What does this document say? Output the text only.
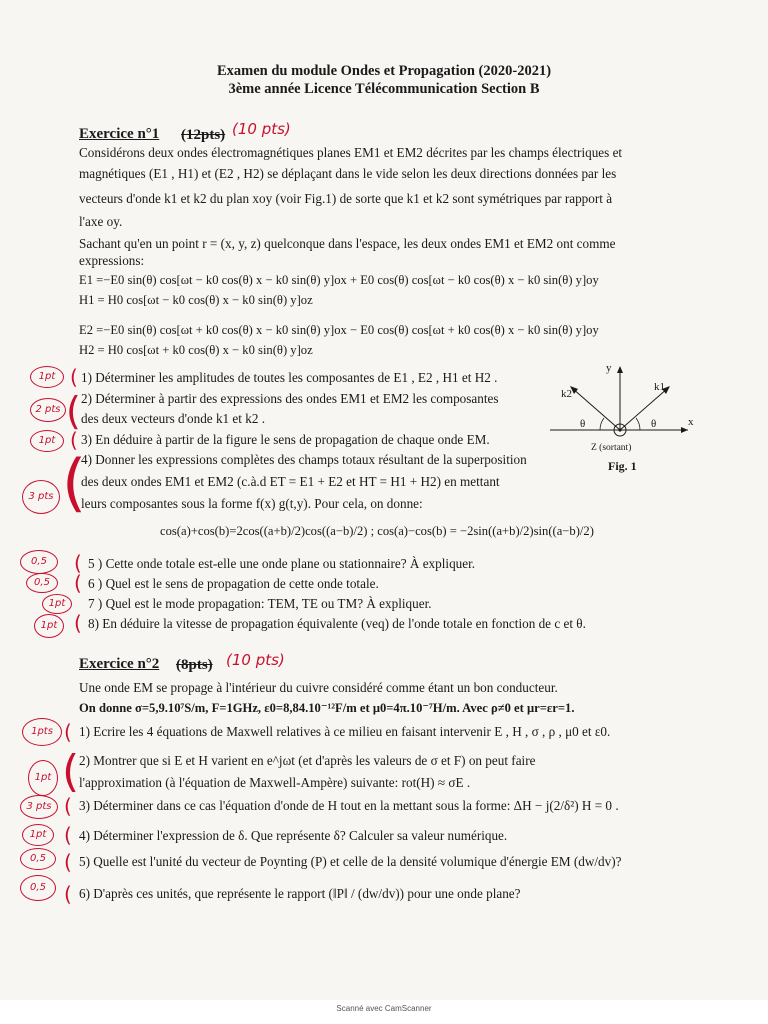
Examen du module Ondes et Propagation (2020-2021)
3ème année Licence Télécommunication Section B
Exercice n°1 (12pts) (10 pts)
Considérons deux ondes électromagnétiques planes EM1 et EM2 décrites par les champs électriques et
magnétiques (E1 , H1) et (E2 , H2) se déplaçant dans le vide selon les deux directions données par les
vecteurs d'onde k1 et k2 du plan xoy (voir Fig.1) de sorte que k1 et k2 sont symétriques par rapport à
l'axe oy.
Sachant qu'en un point r = (x, y, z) quelconque dans l'espace, les deux ondes EM1 et EM2 ont comme
expressions:
E1 =−E0 sin(θ) cos[ωt − k0 cos(θ) x − k0 sin(θ) y]ox + E0 cos(θ) cos[ωt − k0 cos(θ) x − k0 sin(θ) y]oy
H1 = H0 cos[ωt − k0 cos(θ) x − k0 sin(θ) y]oz
E2 =−E0 sin(θ) cos[ωt + k0 cos(θ) x − k0 sin(θ) y]ox − E0 cos(θ) cos[ωt + k0 cos(θ) x − k0 sin(θ) y]oy
H2 = H0 cos[ωt + k0 cos(θ) x − k0 sin(θ) y]oz
1) Déterminer les amplitudes de toutes les composantes de E1 , E2 , H1 et H2 .
2) Déterminer à partir des expressions des ondes EM1 et EM2 les composantes
des deux vecteurs d'onde k1 et k2 .
3) En déduire à partir de la figure le sens de propagation de chaque onde EM.
4) Donner les expressions complètes des champs totaux résultant de la superposition
des deux ondes EM1 et EM2 (c.à.d ET = E1 + E2 et HT = H1 + H2) en mettant
leurs composantes sous la forme f(x) g(t,y). Pour cela, on donne:
cos(a)+cos(b)=2cos((a+b)/2)cos((a−b)/2) ; cos(a)−cos(b) = −2sin((a+b)/2)sin((a−b)/2)
5 ) Cette onde totale est-elle une onde plane ou stationnaire? À expliquer.
6 ) Quel est le sens de propagation de cette onde totale.
7 ) Quel est le mode propagation: TEM, TE ou TM? À expliquer.
8) En déduire la vitesse de propagation équivalente (veq) de l'onde totale en fonction de c et θ.
y
x
k1
k2
θ	θ
Z (sortant)
Fig. 1
Exercice n°2 (8pts) (10 pts)
Une onde EM se propage à l'intérieur du cuivre considéré comme étant un bon conducteur.
On donne σ=5,9.10⁷S/m, F=1GHz, ε0=8,84.10⁻¹²F/m et μ0=4π.10⁻⁷H/m. Avec ρ≠0 et μr=εr=1.
1) Ecrire les 4 équations de Maxwell relatives à ce milieu en faisant intervenir E , H , σ , ρ , μ0 et ε0.
2) Montrer que si E et H varient en e^jωt (et d'après les valeurs de σ et F) on peut faire
l'approximation (à l'équation de Maxwell-Ampère) suivante: rot(H) ≈ σE .
3) Déterminer dans ce cas l'équation d'onde de H tout en la mettant sous la forme: ΔH − j(2/δ²) H = 0 .
4) Déterminer l'expression de δ. Que représente δ? Calculer sa valeur numérique.
5) Quelle est l'unité du vecteur de Poynting (P) et celle de la densité volumique d'énergie EM (dw/dv)?
6) D'après ces unités, que représente le rapport (‖P‖ / (dw/dv)) pour une onde plane?
1pt
2 pts
1pt
3 pts
0,5
0,5
1pt
1pt
1pts
1pt
3 pts
1pt
0,5
0,5
(
(
(
(
(
(
(
(
(
(
(
(
(
Scanné avec CamScanner
